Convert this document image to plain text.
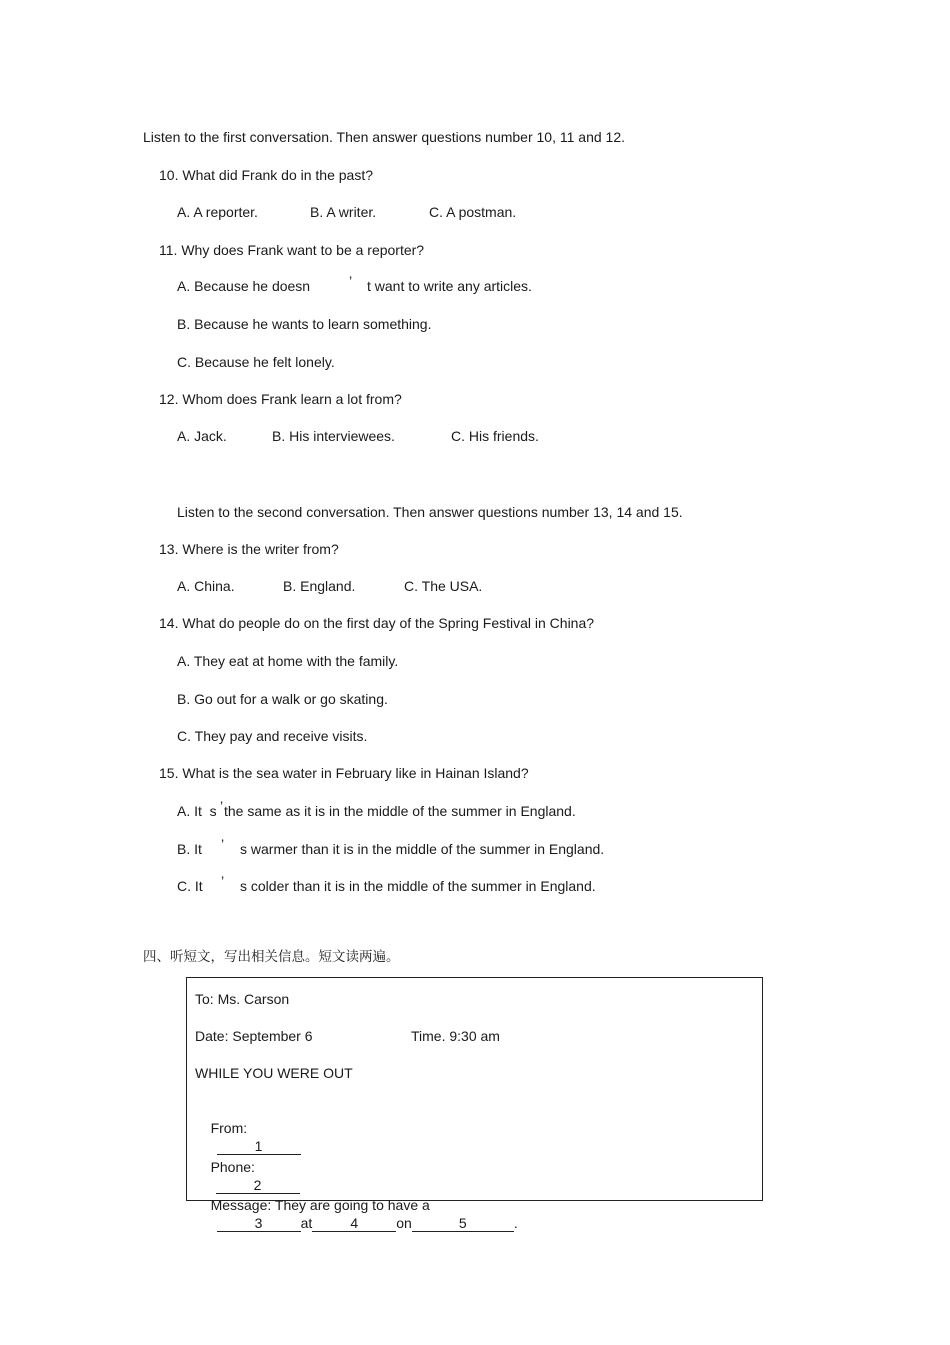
Listen to the first conversation. Then answer questions number 10, 11 and 12.
10. What did Frank do in the past?
A. A reporter.	B. A writer.	C. A postman.
11. Why does Frank want to be a reporter?
A. Because he doesn	’ t want to write any articles.
B. Because he wants to learn something.
C. Because he felt lonely.
12. Whom does Frank learn a lot from?
A. Jack.	B. His interviewees.	C. His friends.
Listen to the second conversation. Then answer questions number 13, 14 and 15.
13. Where is the writer from?
A. China.	B. England.	C. The USA.
14. What do people do on the first day of the Spring Festival in China?
A. They eat at home with the family.
B. Go out for a walk or go skating.
C. They pay and receive visits.
15. What is the sea water in February like in Hainan Island?
A. It  s ’ the same as it is in the middle of the summer in England.
B. It ’ s warmer than it is in the middle of the summer in England.
C. It ’ s colder than it is in the middle of the summer in England.
四、听短文，写出相关信息。短文读两遍。
To: Ms. Carson
Date: September 6	Time. 9:30 am
WHILE YOU WERE OUT

From:
1

Phone:
2

Message: They are going to have a
3	at	4	on	5	.
